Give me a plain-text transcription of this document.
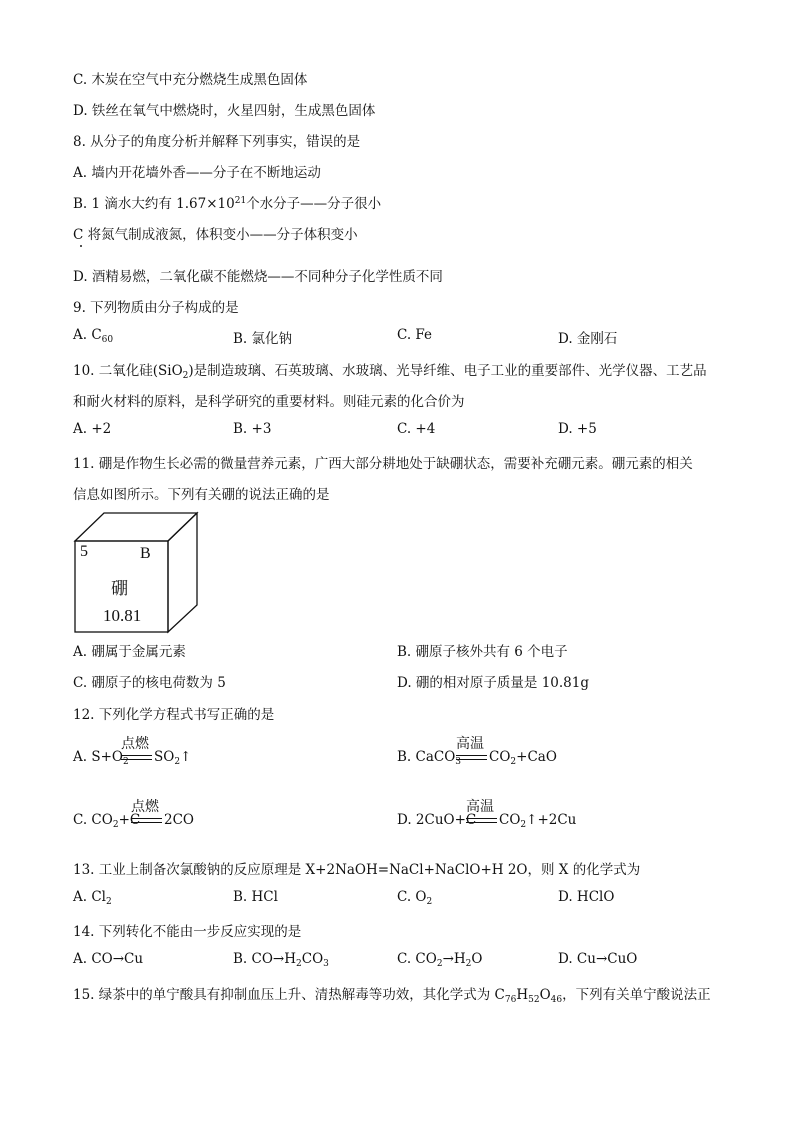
C. 木炭在空气中充分燃烧生成黑色固体
D. 铁丝在氧气中燃烧时，火星四射，生成黑色固体
8. 从分子的角度分析并解释下列事实，错误的是
A. 墙内开花墙外香——分子在不断地运动
B. 1 滴水大约有 $1.67\times 10^{21}$个水分子——分子很小
C 将氮气制成液氮，体积变小——分子体积变小
D. 酒精易燃，二氧化碳不能燃烧——不同种分子化学性质不同
9. 下列物质由分子构成的是
A. $C_{60}$	B. 氯化钠	C. Fe	D. 金刚石
10. 二氧化硅(SiO$_2$)是制造玻璃、石英玻璃、水玻璃、光导纤维、电子工业的重要部件、光学仪器、工艺品
和耐火材料的原料，是科学研究的重要材料。则硅元素的化合价为
A. +2	B. +3	C. +4	D. +5
11. 硼是作物生长必需的微量营养元素，广西大部分耕地处于缺硼状态，需要补充硼元素。硼元素的相关
信息如图所示。下列有关硼的说法正确的是
5	B
硼
10.81
A. 硼属于金属元素	B. 硼原子核外共有 6 个电子
C. 硼原子的核电荷数为 5	D. 硼的相对原子质量是 10.81g
12. 下列化学方程式书写正确的是
A. $S+O_2$
点燃
$SO_2↑$	B. CaCO$_3$
高温
$CO_2+CaO$
C. $CO_2+C$
点燃
2CO	D. 2CuO+C
高温
$CO_2↑+2Cu$
13. 工业上制备次氯酸钠的反应原理是 X+2NaOH=NaCl+NaClO+H 2O，则 X 的化学式为
A. $Cl_2$	B. HCl	C. $O_2$	D. HClO
14. 下列转化不能由一步反应实现的是
A. CO→Cu	B. $CO\to H_2CO_3$	C. $CO_2\to H_2O$	D. Cu→CuO
15. 绿茶中的单宁酸具有抑制血压上升、清热解毒等功效，其化学式为 $C_{76}H_{52}O_{46}$，下列有关单宁酸说法正
